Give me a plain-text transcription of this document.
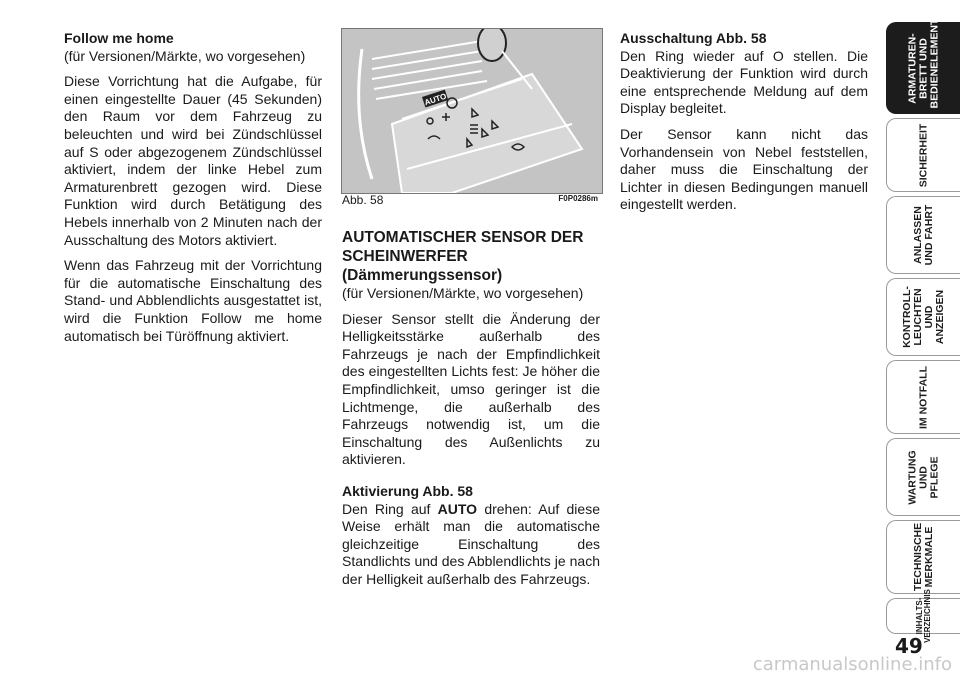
Follow me home

(für Versionen/Märkte, wo vorgesehen)

Diese Vorrichtung hat die Aufgabe, für einen eingestellte Dauer (45 Sekunden) den Raum vor dem Fahrzeug zu beleuchten und wird bei Zündschlüssel auf S oder abgezogenem Zündschlüssel aktiviert, indem der linke Hebel zum Armaturenbrett gezogen wird. Diese Funktion wird durch Betätigung des Hebels innerhalb von 2 Minuten nach der Ausschaltung des Motors aktiviert.

Wenn das Fahrzeug mit der Vorrichtung für die automatische Einschaltung des Stand- und Abblendlichts ausgestattet ist, wird die Funktion Follow me home automatisch bei Türöffnung aktiviert.

AUTO
Abb. 58	F0P0286m

AUTOMATISCHER SENSOR DER SCHEINWERFER (Dämmerungssensor)

(für Versionen/Märkte, wo vorgesehen)

Dieser Sensor stellt die Änderung der Helligkeitsstärke außerhalb des Fahrzeugs je nach der Empfindlichkeit des eingestellten Lichts fest: Je höher die Empfindlichkeit, umso geringer ist die Lichtmenge, die außerhalb des Fahrzeugs notwendig ist, um die Einschaltung des Außenlichts zu aktivieren.

Aktivierung Abb. 58

Den Ring auf AUTO drehen: Auf diese Weise erhält man die automatische gleichzeitige Einschaltung des Standlichts und des Abblendlichts je nach der Helligkeit außerhalb des Fahrzeugs.

Ausschaltung Abb. 58

Den Ring wieder auf O stellen. Die Deaktivierung der Funktion wird durch eine entsprechende Meldung auf dem Display begleitet.

Der Sensor kann nicht das Vorhandensein von Nebel feststellen, daher muss die Einschaltung der Lichter in diesen Bedingungen manuell eingestellt werden.

ARMATUREN-
BRETT UND
BEDIENELEMENTE
SICHERHEIT
ANLASSEN
UND FAHRT
KONTROLL-
LEUCHTEN UND
ANZEIGEN
IM NOTFALL
WARTUNG UND
PFLEGE
TECHNISCHE
MERKMALE
INHALTS-
VERZEICHNIS
49
carmanualsonline.info
